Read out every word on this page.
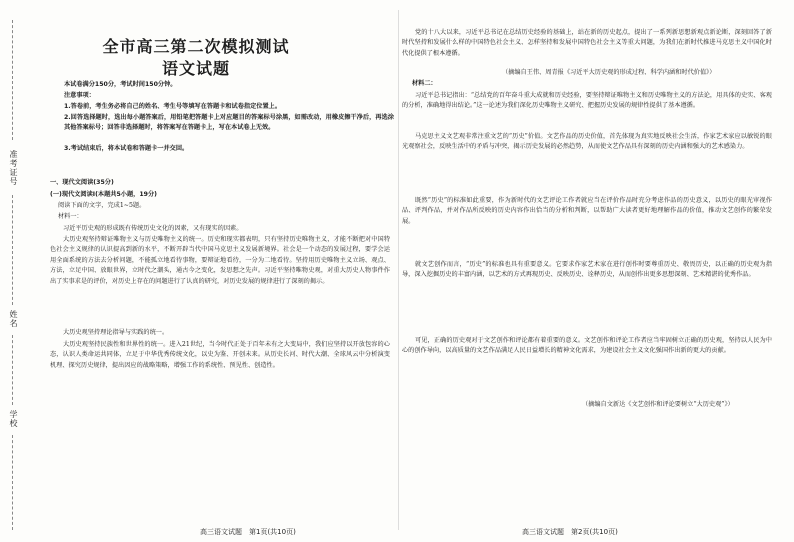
准考证号
姓名
学校
全市高三第二次模拟测试
语文试题
本试卷满分150分，考试时间150分钟。
注意事项：
1.答卷前，考生务必将自己的姓名、考生号等填写在答题卡和试卷指定位置上。
2.回答选择题时，选出每小题答案后，用铅笔把答题卡上对应题目的答案标号涂黑，如需改动，用橡皮擦干净后，再选涂其他答案标号；回答非选择题时，将答案写在答题卡上，写在本试卷上无效。
3.考试结束后，将本试卷和答题卡一并交回。
一、现代文阅读(35分)
(一)现代文阅读Ⅰ(本题共5小题，19分)
阅读下面的文字，完成1~5题。
材料一：
习近平历史观的形成既有传统历史文化的因素，又有现实的因素。
大历史观坚持辩证唯物主义与历史唯物主义的统一。历史和现实都表明，只有坚持历史唯物主义，才能不断把对中国特色社会主义规律的认识提高到新的水平，不断开辟当代中国马克思主义发展新境界。社会是一个动态的发展过程，要学会运用全面系统的方法去分析问题，不能孤立地看待事物，要辩证地看待，一分为二地看待。坚持用历史唯物主义立场、观点、方法，立足中国、放眼世界，立时代之潮头，通古今之变化，发思想之先声。习近平坚持唯物史观，对重大历史人物事件作出了实事求是的评价，对历史上存在的问题进行了认真的研究，对历史发展的规律进行了深刻的揭示。
大历史观坚持理论指导与实践的统一。
大历史观坚持民族性和世界性的统一。进入21世纪，当今时代正处于百年未有之大变局中，我们应坚持以开放包容的心态，认识人类命运共同体，立足于中华优秀传统文化，以史为鉴、开创未来。从历史长河、时代大潮、全球风云中分析演变机理、探究历史规律，提出因应的战略策略，增强工作的系统性、预见性、创造性。
高三语文试题　第1页(共10页)
党的十八大以来，习近平总书记在总结历史经验的基础上，站在新的历史起点，提出了一系列新思想新观点新论断，深刻回答了新时代坚持和发展什么样的中国特色社会主义、怎样坚持和发展中国特色社会主义等重大问题，为我们在新时代推进马克思主义中国化时代化提供了根本遵循。
（摘编自王伟、周青报《习近平大历史观的形成过程、科学内涵和时代价值》）
材料二：
习近平总书记指出：“总结党的百年奋斗重大成就和历史经验，要坚持辩证唯物主义和历史唯物主义的方法论，用具体的史实、客观的分析，准确地得出结论。”这一论述为我们深化历史唯物主义研究、把握历史发展的规律性提供了基本遵循。
马克思主义文艺观非常注重文艺的“历史”价值。文艺作品的历史价值，首先体现为真实地反映社会生活，作家艺术家应以敏锐的眼光观察社会，反映生活中的矛盾与冲突，揭示历史发展的必然趋势，从而使文艺作品具有深刻的历史内涵和强大的艺术感染力。
既然“历史”的标准如此重要，作为新时代的文艺评论工作者就应当在评价作品时充分考虑作品的历史意义，以历史的眼光审视作品、评判作品，并对作品所反映的历史内容作出恰当的分析和判断，以帮助广大读者更好地理解作品的价值，推动文艺创作的繁荣发展。
就文艺创作而言，“历史”的标准也具有重要意义。它要求作家艺术家在进行创作时要尊重历史、敬畏历史，以正确的历史观为指导，深入挖掘历史的丰富内涵，以艺术的方式再现历史、反映历史、诠释历史，从而创作出更多思想深刻、艺术精湛的优秀作品。
可见，正确的历史观对于文艺创作和评论都有着重要的意义。文艺创作和评论工作者应当牢固树立正确的历史观，坚持以人民为中心的创作导向，以高质量的文艺作品满足人民日益增长的精神文化需求，为建设社会主义文化强国作出新的更大的贡献。
（摘编自文新达《文艺创作和评论要树立“大历史观”》）
高三语文试题　第2页(共10页)
